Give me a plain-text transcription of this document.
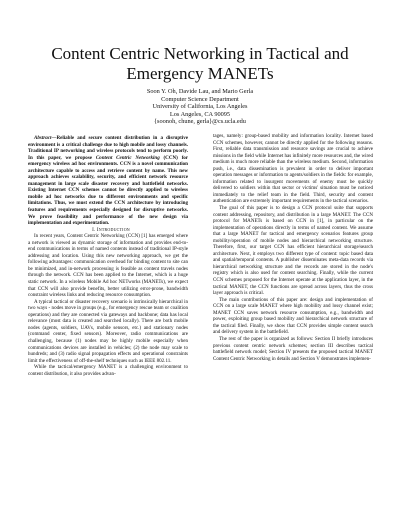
Content Centric Networking in Tactical and Emergency MANETs
Soon Y. Oh, Davide Lau, and Mario Gerla
Computer Science Department
University of California, Los Angeles
Los Angeles, CA 90095
{soonoh, chune, gerla}@cs.ucla.edu

Abstract—Reliable and secure content distribution in a disruptive environment is a critical challenge due to high mobile and lossy channels. Traditional IP networking and wireless protocols tend to perform poorly. In this paper, we propose Content Centric Networking (CCN) for emergency wireless ad hoc environments. CCN is a novel communication architecture capable to access and retrieve content by name. This new approach achieves scalability, security, and efficient network resource management in large scale disaster recovery and battlefield networks. Existing Internet CCN schemes cannot be directly applied to wireless mobile ad hoc networks due to different environments and specific limitations. Thus, we must extend the CCN architecture by introducing features and requirements especially designed for disruptive networks. We prove feasibility and performance of the new design via implementation and experimentation.

I. Introduction

In recent years, Content Centric Networking (CCN) [1] has emerged where a network is viewed as dynamic storage of information and provides end-to-end communications in terms of named contents instead of traditional IP-style addressing and location. Using this new networking approach, we get the following advantages: communication overhead for binding content to site can be minimized, and in-network processing is feasible as content travels nodes through the network. CCN has been applied to the Internet, which is a huge static network. In a wireless Mobile Ad hoc NETworks (MANETs), we expect that CCN will also provide benefits, better utilizing error-prone, bandwidth constraint wireless links and reducing resource consumption.

A typical tactical or disaster recovery scenario is intrinsically hierarchical in two ways - nodes move in groups (e.g., for emergency rescue team or coalition operations) and they are connected via gateways and backbone; data has local relevance (most data is created and searched locally). There are both mobile nodes (agents, soldiers, UAVs, mobile sensors, etc.) and stationary nodes (command center, fixed sensors). Moreover, radio communications are challenging, because (1) nodes may be highly mobile especially when communications devices are installed in vehicles; (2) the node may scale to hundreds; and (3) radio signal propagation effects and operational constraints limit the effectiveness of off-the-shelf techniques such as IEEE 802.11.

While the tactical/emergency MANET is a challenging environment to content distribution, it also provides advan-

tages, namely: group-based mobility and information locality. Internet based CCN schemes, however, cannot be directly applied for the following reasons. First, reliable data transmission and resource savings are crucial to achieve missions in the field while Internet has infinitely more resources and, the wired medium is much more reliable than the wireless medium. Second, information push, i.e., data dissemination is prevalent in order to deliver important operation messages or information to agents/soldiers in the fields: for example, information related to insurgent movements of enemy must be quickly delivered to soldiers within that sector or victims' situation must be noticed immediately to the relief team in the field. Third, security and content authentication are extremely important requirements in the tactical scenarios.

The goal of this paper is to design a CCN protocol suite that supports content addressing, repository, and distribution in a large MANET. The CCN protocol for MANETs is based on CCN in [1], in particular on the implementation of operations directly in terms of named content. We assume that a large MANET for tactical and emergency scenarios features group mobility/operation of mobile nodes and hierarchical networking structure. Therefore, first, our target CCN has efficient hierarchical storage/search architecture. Next, it employs two different type of content: topic based data and spatial/temporal contents. A publisher disseminates meta-data records via hierarchical networking structure and the records are stored in the node's registry which is also used for content searching. Finally, while the current CCN schemes proposed for the Internet operate at the application layer, in the tactical MANET, the CCN functions are spread across layers, thus the cross layer approach is critical.

The main contributions of this paper are: design and implementation of CCN on a large scale MANET where high mobility and lossy channel exist; MANET CCN saves network resource consumption, e.g., bandwidth and power, exploiting group based mobility and hierarchical network structure of the tactical filed. Finally, we show that CCN provides simple content search and delivery system in the battlefield.

The rest of the paper is organized as follows: Section II briefly introduces previous content centric network schemes; section III describes tactical battlefield network model; Section IV presents the proposed tactical MANET Content Centric Networking in details and Section V demonstrates implemen-
